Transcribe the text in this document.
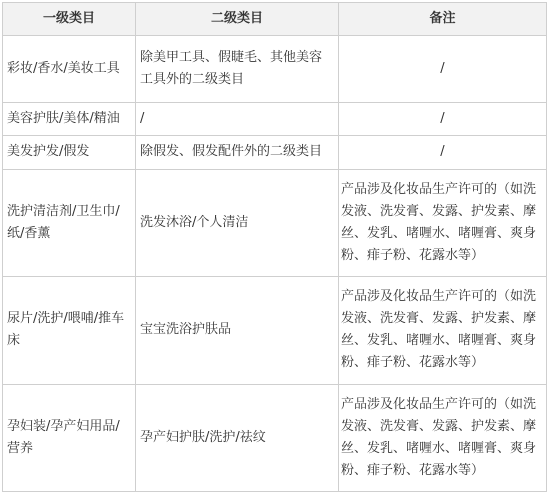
一级类目	二级类目	备注
彩妆/香水/美妆工具	除美甲工具、假睫毛、其他美容工具外的二级类目	/
美容护肤/美体/精油	/	/
美发护发/假发	除假发、假发配件外的二级类目	/
洗护清洁剂/卫生巾/纸/香薰	洗发沐浴/个人清洁	产品涉及化妆品生产许可的（如洗发液、洗发膏、发露、护发素、摩丝、发乳、啫喱水、啫喱膏、爽身粉、痱子粉、花露水等）
尿片/洗护/喂哺/推车床	宝宝洗浴护肤品	产品涉及化妆品生产许可的（如洗发液、洗发膏、发露、护发素、摩丝、发乳、啫喱水、啫喱膏、爽身粉、痱子粉、花露水等）
孕妇装/孕产妇用品/营养	孕产妇护肤/洗护/祛纹	产品涉及化妆品生产许可的（如洗发液、洗发膏、发露、护发素、摩丝、发乳、啫喱水、啫喱膏、爽身粉、痱子粉、花露水等）
